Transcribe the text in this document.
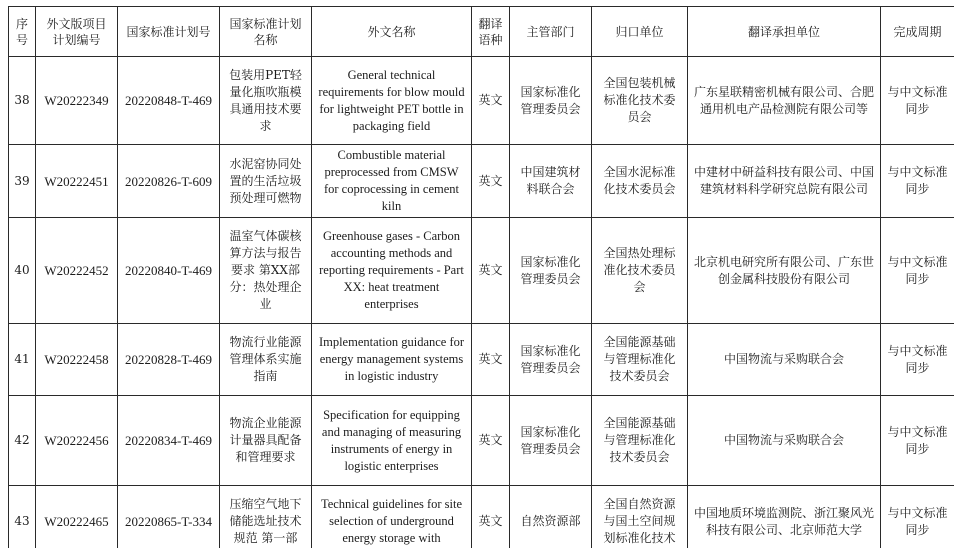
序号	外文版项目计划编号	国家标准计划号	国家标准计划名称	外文名称	翻译语种	主管部门	归口单位	翻译承担单位	完成周期
38	W20222349	20220848-T-469	包装用PET轻量化瓶吹瓶模具通用技术要求	General technical requirements for blow mould for lightweight PET bottle in packaging field	英文	国家标准化管理委员会	全国包装机械标准化技术委员会	广东星联精密机械有限公司、合肥通用机电产品检测院有限公司等	与中文标准同步
39	W20222451	20220826-T-609	水泥窑协同处置的生活垃圾预处理可燃物	Combustible material preprocessed from CMSW for coprocessing in cement kiln	英文	中国建筑材料联合会	全国水泥标准化技术委员会	中建材中研益科技有限公司、中国建筑材料科学研究总院有限公司	与中文标准同步
40	W20222452	20220840-T-469	温室气体碳核算方法与报告要求 第XX部分：热处理企业	Greenhouse gases - Carbon accounting methods and reporting requirements - Part XX: heat treatment enterprises	英文	国家标准化管理委员会	全国热处理标准化技术委员会	北京机电研究所有限公司、广东世创金属科技股份有限公司	与中文标准同步
41	W20222458	20220828-T-469	物流行业能源管理体系实施指南	Implementation guidance for energy management systems in logistic industry	英文	国家标准化管理委员会	全国能源基础与管理标准化技术委员会	中国物流与采购联合会	与中文标准同步
42	W20222456	20220834-T-469	物流企业能源计量器具配备和管理要求	Specification for equipping and managing of measuring instruments of energy in logistic enterprises	英文	国家标准化管理委员会	全国能源基础与管理标准化技术委员会	中国物流与采购联合会	与中文标准同步
43	W20222465	20220865-T-334	压缩空气地下储能选址技术规范 第一部	Technical guidelines for site selection of underground energy storage with	英文	自然资源部	全国自然资源与国土空间规划标准化技术	中国地质环境监测院、浙江聚风光科技有限公司、北京师范大学	与中文标准同步
